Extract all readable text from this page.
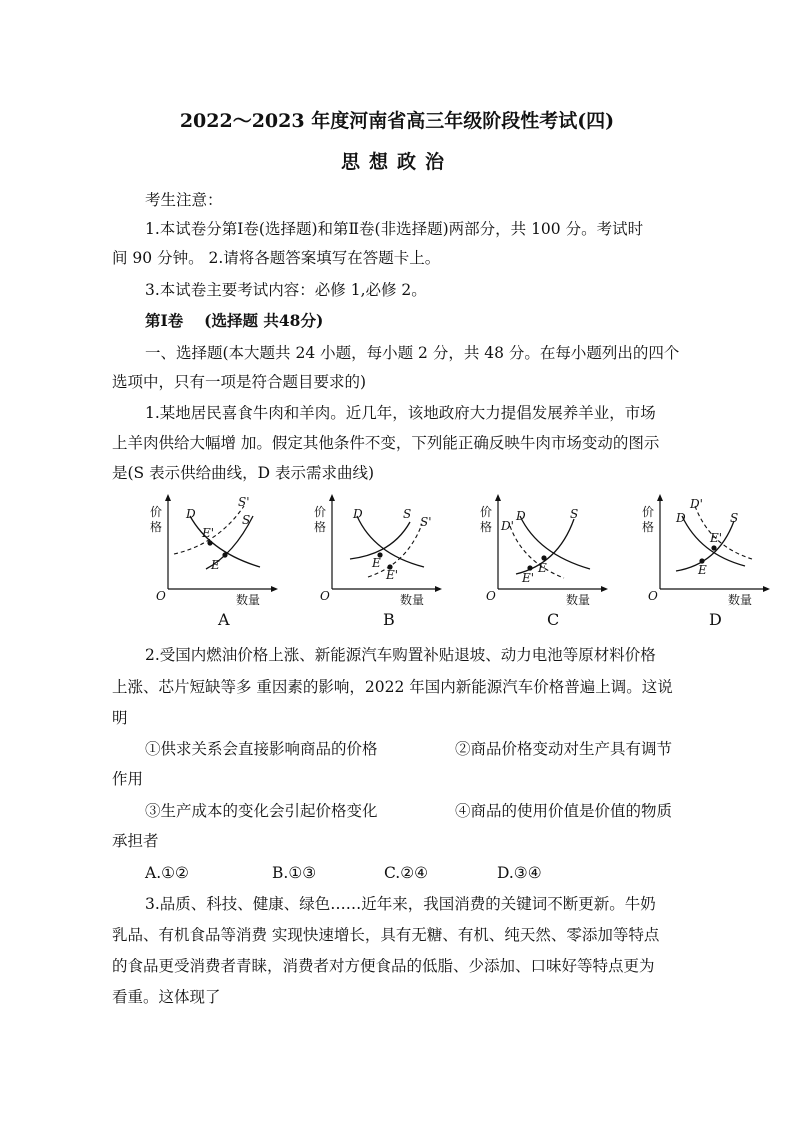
2022～2023 年度河南省高三年级阶段性考试(四)
思想政治
考生注意：
1.本试卷分第Ⅰ卷(选择题)和第Ⅱ卷(非选择题)两部分，共 100 分。考试时
间 90 分钟。 2.请将各题答案填写在答题卡上。
3.本试卷主要考试内容：必修 1,必修 2。
第Ⅰ卷　 (选择题 共48分)
一、选择题(本大题共 24 小题，每小题 2 分，共 48 分。在每小题列出的四个
选项中，只有一项是符合题目要求的)
1.某地居民喜食牛肉和羊肉。近几年，该地政府大力提倡发展养羊业，市场
上羊肉供给大幅增 加。假定其他条件不变，下列能正确反映牛肉市场变动的图示
是(S 表示供给曲线，D 表示需求曲线)
价
格
D
S'
S
E'
E
O	数量
A
价
格
D	S
S'
E
E'
O	数量
B
价
格 D'
D	S
E'
E
O	数量
C
价
格
D
D'
S
E'
E
O	数量
D
2.受国内燃油价格上涨、新能源汽车购置补贴退坡、动力电池等原材料价格
上涨、芯片短缺等多 重因素的影响，2022 年国内新能源汽车价格普遍上调。这说
明
①供求关系会直接影响商品的价格	②商品价格变动对生产具有调节
作用
③生产成本的变化会引起价格变化	④商品的使用价值是价值的物质
承担者
A.①②	B.①③	C.②④	D.③④
3.品质、科技、健康、绿色……近年来，我国消费的关键词不断更新。牛奶
乳品、有机食品等消费 实现快速增长，具有无糖、有机、纯天然、零添加等特点
的食品更受消费者青睐，消费者对方便食品的低脂、少添加、口味好等特点更为
看重。这体现了
